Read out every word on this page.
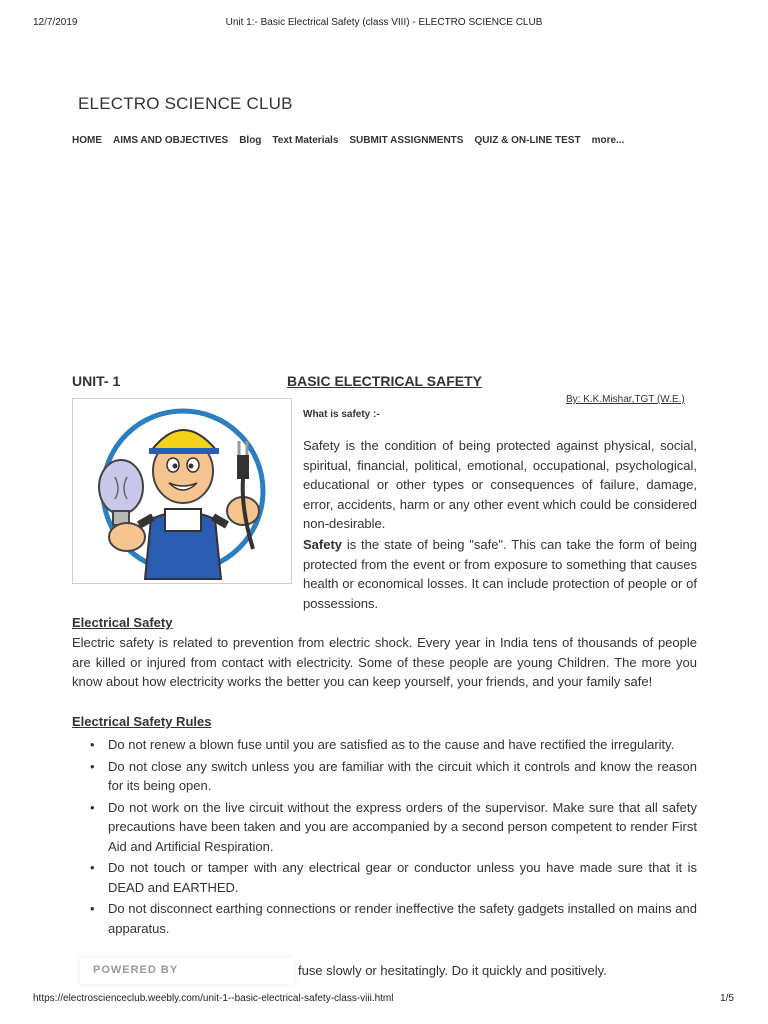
12/7/2019	Unit 1:- Basic Electrical Safety (class VIII) - ELECTRO SCIENCE CLUB
ELECTRO SCIENCE CLUB
HOME AIMS AND OBJECTIVES Blog Text Materials SUBMIT ASSIGNMENTS QUIZ & ON-LINE TEST more...
UNIT- 1	BASIC ELECTRICAL SAFETY
By: K.K.Mishar,TGT (W.E.)
What is safety :-
Safety is the condition of being protected against physical, social, spiritual, financial, political, emotional, occupational, psychological, educational or other types or consequences of failure, damage, error, accidents, harm or any other event which could be considered non-desirable.
Safety is the state of being "safe". This can take the form of being protected from the event or from exposure to something that causes health or economical losses. It can include protection of people or of possessions.
Electrical Safety
Electric safety is related to prevention from electric shock. Every year in India tens of thousands of people are killed or injured from contact with electricity. Some of these people are young Children. The more you know about how electricity works the better you can keep yourself, your friends, and your family safe!
Electrical Safety Rules
• Do not renew a blown fuse until you are satisfied as to the cause and have rectified the irregularity.
• Do not close any switch unless you are familiar with the circuit which it controls and know the reason for its being open.
• Do not work on the live circuit without the express orders of the supervisor. Make sure that all safety precautions have been taken and you are accompanied by a second person competent to render First Aid and Artificial Respiration.
• Do not touch or tamper with any electrical gear or conductor unless you have made sure that it is DEAD and EARTHED.
• Do not disconnect earthing connections or render ineffective the safety gadgets installed on mains and apparatus.
POWERED BY	fuse slowly or hesitatingly. Do it quickly and positively.
https://electroscienceclub.weebly.com/unit-1--basic-electrical-safety-class-viii.html	1/5
